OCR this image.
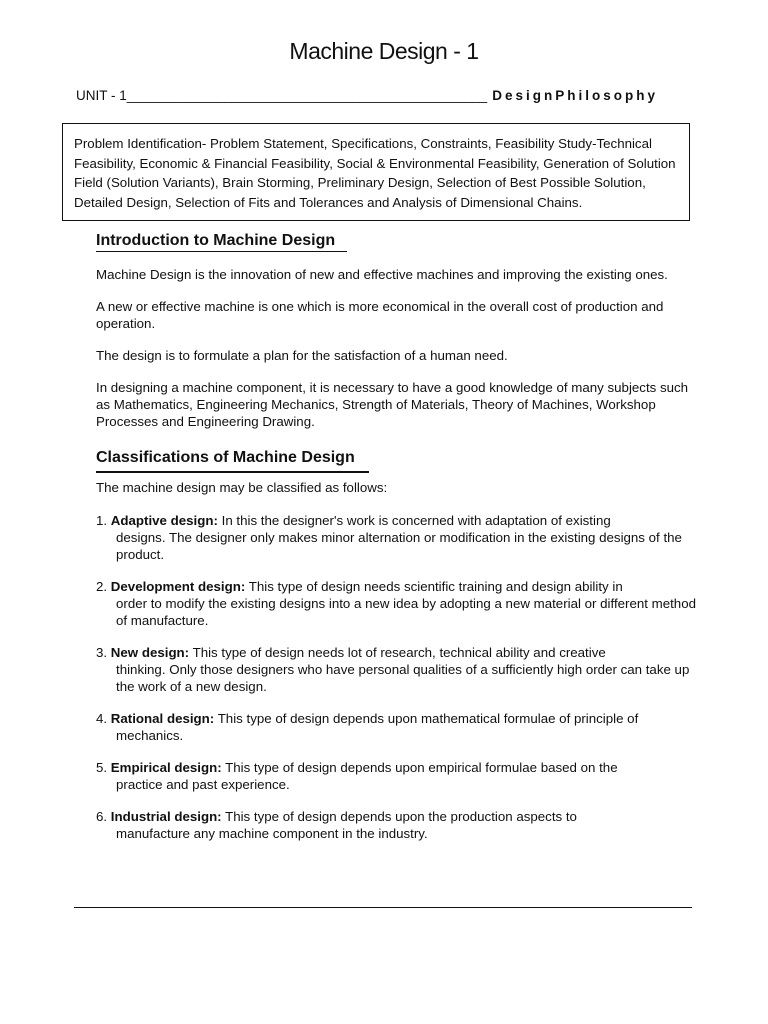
Machine Design - 1
UNIT - 1________________________________________________ DesignPhilosophy
Problem Identification- Problem Statement, Specifications, Constraints, Feasibility Study-Technical Feasibility, Economic & Financial Feasibility, Social & Environmental Feasibility, Generation of Solution Field (Solution Variants), Brain Storming, Preliminary Design, Selection of Best Possible Solution, Detailed Design, Selection of Fits and Tolerances and Analysis of Dimensional Chains.
Introduction to Machine Design

Machine Design is the innovation of new and effective machines and improving the existing ones.

A new or effective machine is one which is more economical in the overall cost of production and operation.

The design is to formulate a plan for the satisfaction of a human need.

In designing a machine component, it is necessary to have a good knowledge of many subjects such as Mathematics, Engineering Mechanics, Strength of Materials, Theory of Machines, Workshop Processes and Engineering Drawing.

Classifications of Machine Design

The machine design may be classified as follows:

1. Adaptive design: In this the designer's work is concerned with adaptation of existing
designs. The designer only makes minor alternation or modification in the existing designs of the product.
2. Development design: This type of design needs scientific training and design ability in
order to modify the existing designs into a new idea by adopting a new material or different method of manufacture.
3. New design: This type of design needs lot of research, technical ability and creative
thinking. Only those designers who have personal qualities of a sufficiently high order can take up the work of a new design.
4. Rational design: This type of design depends upon mathematical formulae of principle of
mechanics.
5. Empirical design: This type of design depends upon empirical formulae based on the
practice and past experience.
6. Industrial design: This type of design depends upon the production aspects to
manufacture any machine component in the industry.
